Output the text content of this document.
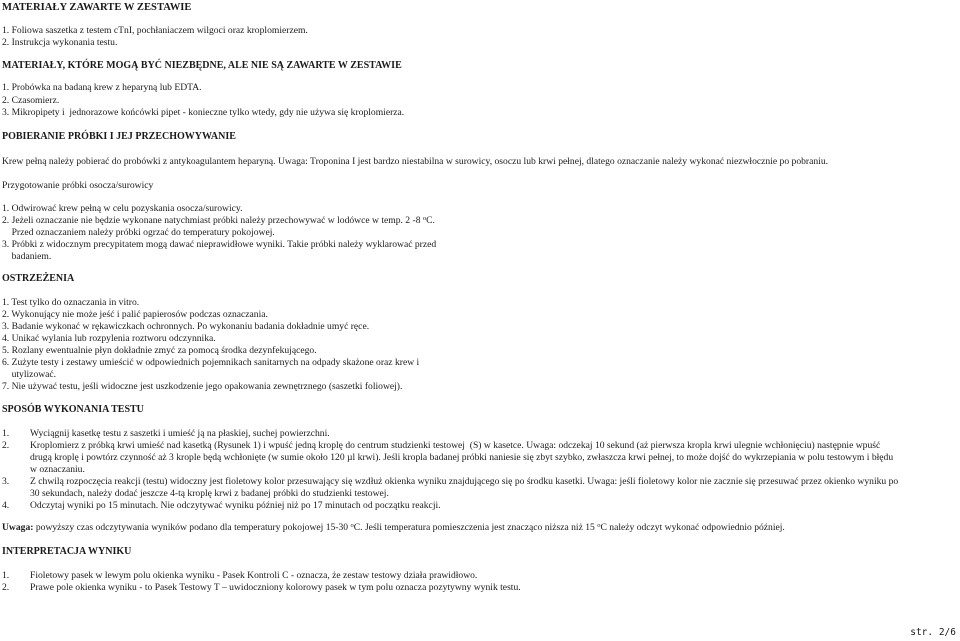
MATERIAŁY ZAWARTE W ZESTAWIE

1. Foliowa saszetka z testem cTnI, pochłaniaczem wilgoci oraz kroplomierzem.

2. Instrukcja wykonania testu.

MATERIAŁY, KTÓRE MOGĄ BYĆ NIEZBĘDNE, ALE NIE SĄ ZAWARTE W ZESTAWIE

1. Probówka na badaną krew z heparyną lub EDTA.

2. Czasomierz.

3. Mikropipety i  jednorazowe końcówki pipet - konieczne tylko wtedy, gdy nie używa się kroplomierza.

POBIERANIE PRÓBKI I JEJ PRZECHOWYWANIE

Krew pełną należy pobierać do probówki z antykoagulantem heparyną. Uwaga: Troponina I jest bardzo niestabilna w surowicy, osoczu lub krwi pełnej, dlatego oznaczanie należy wykonać niezwłocznie po pobraniu.

Przygotowanie próbki osocza/surowicy

1. Odwirować krew pełną w celu pozyskania osocza/surowicy.

2. Jeżeli oznaczanie nie będzie wykonane natychmiast próbki należy przechowywać w lodówce w temp. 2 -8 $^o$C.

Przed oznaczaniem należy próbki ogrzać do temperatury pokojowej.

3. Próbki z widocznym precypitatem mogą dawać nieprawidłowe wyniki. Takie próbki należy wyklarować przed

badaniem.

OSTRZEŻENIA

1. Test tylko do oznaczania in vitro.

2. Wykonujący nie może jeść i palić papierosów podczas oznaczania.

3. Badanie wykonać w rękawiczkach ochronnych. Po wykonaniu badania dokładnie umyć ręce.

4. Unikać wylania lub rozpylenia roztworu odczynnika.

5. Rozlany ewentualnie płyn dokładnie zmyć za pomocą środka dezynfekującego.

6. Zużyte testy i zestawy umieścić w odpowiednich pojemnikach sanitarnych na odpady skażone oraz krew i

utylizować.

7. Nie używać testu, jeśli widoczne jest uszkodzenie jego opakowania zewnętrznego (saszetki foliowej).

SPOSÓB WYKONANIA TESTU

1. Wyciągnij kasetkę testu z saszetki i umieść ją na płaskiej, suchej powierzchni.

2. Kroplomierz z próbką krwi umieść nad kasetką (Rysunek 1) i wpuść jedną kroplę do centrum studzienki testowej  (S) w kasetce. Uwaga: odczekaj 10 sekund (aż pierwsza kropla krwi ulegnie wchłonięciu) następnie wpuść

drugą kroplę i powtórz czynność aż 3 krople będą wchłonięte (w sumie około 120 µl krwi). Jeśli kropla badanej próbki naniesie się zbyt szybko, zwłaszcza krwi pełnej, to może dojść do wykrzepiania w polu testowym i błędu

w oznaczaniu.

3. Z chwilą rozpoczęcia reakcji (testu) widoczny jest fioletowy kolor przesuwający się wzdłuż okienka wyniku znajdującego się po środku kasetki. Uwaga: jeśli fioletowy kolor nie zacznie się przesuwać przez okienko wyniku po

30 sekundach, należy dodać jeszcze 4-tą kroplę krwi z badanej próbki do studzienki testowej.

4. Odczytaj wyniki po 15 minutach. Nie odczytywać wyniku później niż po 17 minutach od początku reakcji.

Uwaga: powyższy czas odczytywania wyników podano dla temperatury pokojowej 15-30 $^o$C. Jeśli temperatura pomieszczenia jest znacząco niższa niż 15 $^o$C należy odczyt wykonać odpowiednio później.

INTERPRETACJA WYNIKU

1. Fioletowy pasek w lewym polu okienka wyniku - Pasek Kontroli C - oznacza, że zestaw testowy działa prawidłowo.

2. Prawe pole okienka wyniku - to Pasek Testowy T – uwidoczniony kolorowy pasek w tym polu oznacza pozytywny wynik testu.

str. 2/6
